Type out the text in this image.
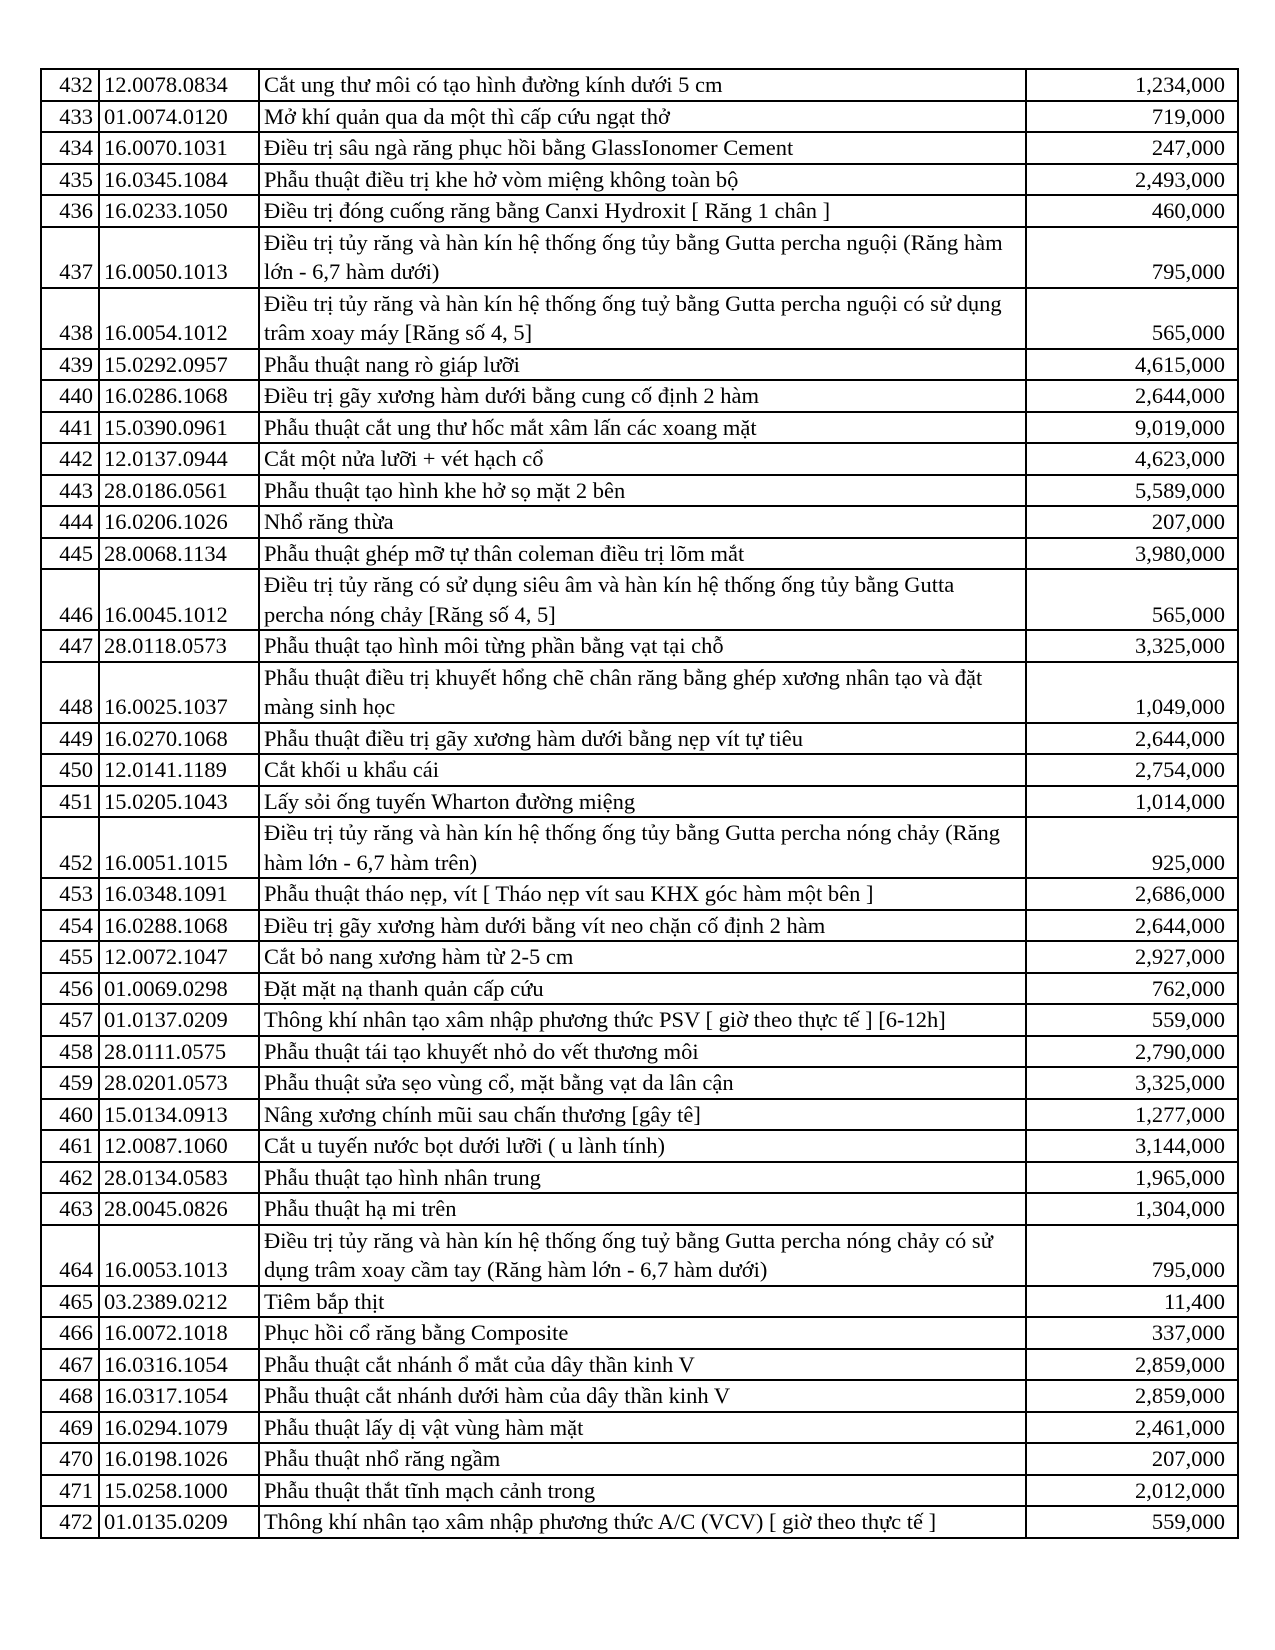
432	12.0078.0834	Cắt ung thư môi có tạo hình đường kính dưới 5 cm	1,234,000
433	01.0074.0120	Mở khí quản qua da một thì cấp cứu ngạt thở	719,000
434	16.0070.1031	Điều trị sâu ngà răng phục hồi bằng GlassIonomer Cement	247,000
435	16.0345.1084	Phẫu thuật điều trị khe hở vòm miệng không toàn bộ	2,493,000
436	16.0233.1050	Điều trị đóng cuống răng bằng Canxi Hydroxit [ Răng 1 chân ]	460,000
437	16.0050.1013	Điều trị tủy răng và hàn kín hệ thống ống tủy bằng Gutta percha nguội (Răng hàm lớn - 6,7 hàm dưới)	795,000
438	16.0054.1012	Điều trị tủy răng và hàn kín hệ thống ống tuỷ bằng Gutta percha nguội có sử dụng trâm xoay máy [Răng số 4, 5]	565,000
439	15.0292.0957	Phẫu thuật nang rò giáp lưỡi	4,615,000
440	16.0286.1068	Điều trị gãy xương hàm dưới bằng cung cố định 2 hàm	2,644,000
441	15.0390.0961	Phẫu thuật cắt ung thư hốc mắt xâm lấn các xoang mặt	9,019,000
442	12.0137.0944	Cắt một nửa lưỡi + vét hạch cổ	4,623,000
443	28.0186.0561	Phẫu thuật tạo hình khe hở sọ mặt 2 bên	5,589,000
444	16.0206.1026	Nhổ răng thừa	207,000
445	28.0068.1134	Phẫu thuật ghép mỡ tự thân coleman điều trị lõm mắt	3,980,000
446	16.0045.1012	Điều trị tủy răng có sử dụng siêu âm và hàn kín hệ thống ống tủy bằng Gutta percha nóng chảy [Răng số 4, 5]	565,000
447	28.0118.0573	Phẫu thuật tạo hình môi từng phần bằng vạt tại chỗ	3,325,000
448	16.0025.1037	Phẫu thuật điều trị khuyết hổng chẽ chân răng bằng ghép xương nhân tạo và đặt màng sinh học	1,049,000
449	16.0270.1068	Phẫu thuật điều trị gãy xương hàm dưới bằng nẹp vít tự tiêu	2,644,000
450	12.0141.1189	Cắt khối u khẩu cái	2,754,000
451	15.0205.1043	Lấy sỏi ống tuyến Wharton đường miệng	1,014,000
452	16.0051.1015	Điều trị tủy răng và hàn kín hệ thống ống tủy bằng Gutta percha nóng chảy (Răng hàm lớn - 6,7 hàm trên)	925,000
453	16.0348.1091	Phẫu thuật tháo nẹp, vít [ Tháo nẹp vít sau KHX góc hàm một bên ]	2,686,000
454	16.0288.1068	Điều trị gãy xương hàm dưới bằng vít neo chặn cố định 2 hàm	2,644,000
455	12.0072.1047	Cắt bỏ nang xương hàm từ 2-5 cm	2,927,000
456	01.0069.0298	Đặt mặt nạ thanh quản cấp cứu	762,000
457	01.0137.0209	Thông khí nhân tạo xâm nhập phương thức PSV [ giờ theo thực tế ] [6-12h]	559,000
458	28.0111.0575	Phẫu thuật tái tạo khuyết nhỏ do vết thương môi	2,790,000
459	28.0201.0573	Phẫu thuật sửa sẹo vùng cổ, mặt bằng vạt da lân cận	3,325,000
460	15.0134.0913	Nâng xương chính mũi sau chấn thương [gây tê]	1,277,000
461	12.0087.1060	Cắt u tuyến nước bọt dưới lưỡi ( u lành tính)	3,144,000
462	28.0134.0583	Phẫu thuật tạo hình nhân trung	1,965,000
463	28.0045.0826	Phẫu thuật hạ mi trên	1,304,000
464	16.0053.1013	Điều trị tủy răng và hàn kín hệ thống ống tuỷ bằng Gutta percha nóng chảy có sử dụng trâm xoay cầm tay (Răng hàm lớn - 6,7 hàm dưới)	795,000
465	03.2389.0212	Tiêm bắp thịt	11,400
466	16.0072.1018	Phục hồi cổ răng bằng Composite	337,000
467	16.0316.1054	Phẫu thuật cắt nhánh ổ mắt của dây thần kinh V	2,859,000
468	16.0317.1054	Phẫu thuật cắt nhánh dưới hàm của dây thần kinh V	2,859,000
469	16.0294.1079	Phẫu thuật lấy dị vật vùng hàm mặt	2,461,000
470	16.0198.1026	Phẫu thuật nhổ răng ngầm	207,000
471	15.0258.1000	Phẫu thuật thắt tĩnh mạch cảnh trong	2,012,000
472	01.0135.0209	Thông khí nhân tạo xâm nhập phương thức A/C (VCV) [ giờ theo thực tế ]	559,000
